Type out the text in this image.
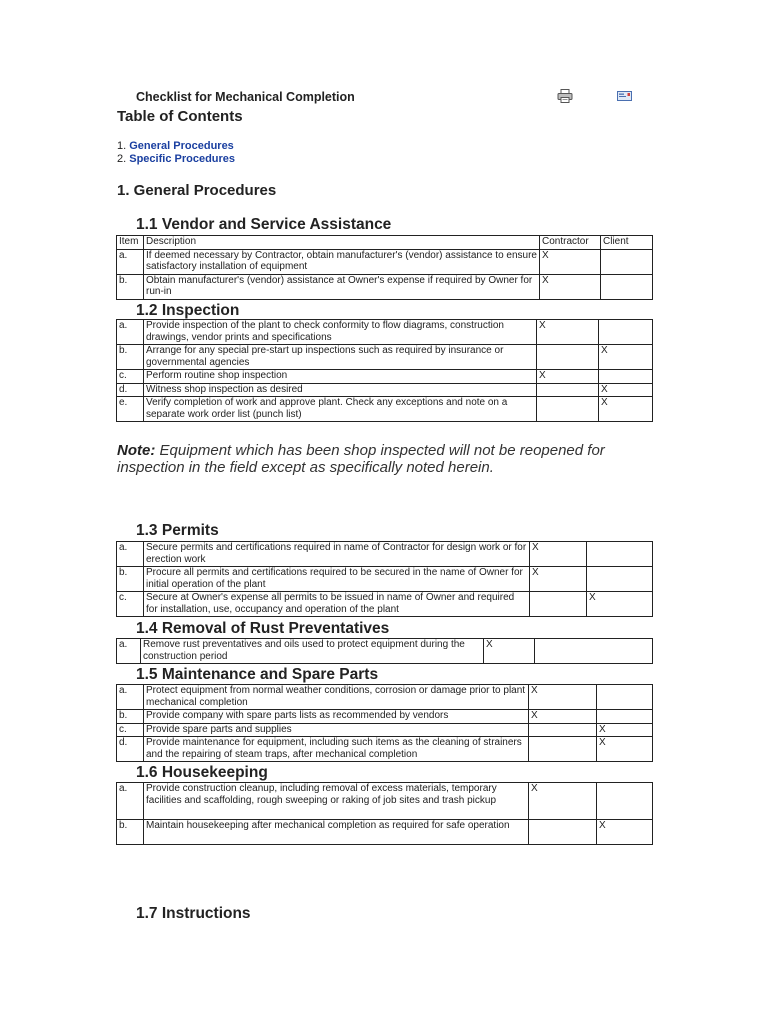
Checklist for Mechanical Completion
Table of Contents
1. General Procedures
2. Specific Procedures
1. General Procedures
1.1 Vendor and Service Assistance
Item	Description	Contractor	Client
a.	If deemed necessary by Contractor, obtain manufacturer's (vendor) assistance to ensure satisfactory installation of equipment	X	
b.	Obtain manufacturer's (vendor) assistance at Owner's expense if required by Owner for run-in	X	
1.2 Inspection
a.	Provide inspection of the plant to check conformity to flow diagrams, construction drawings, vendor prints and specifications	X	
b.	Arrange for any special pre-start up inspections such as required by insurance or governmental agencies		X
c.	Perform routine shop inspection	X	
d.	Witness shop inspection as desired		X
e.	Verify completion of work and approve plant. Check any exceptions and note on a separate work order list (punch list)		X
Note: Equipment which has been shop inspected will not be reopened for inspection in the field except as specifically noted herein.
1.3 Permits
a.	Secure permits and certifications required in name of Contractor for design work or for erection work	X	
b.	Procure all permits and certifications required to be secured in the name of Owner for initial operation of the plant	X	
c.	Secure at Owner's expense all permits to be issued in name of Owner and required for installation, use, occupancy and operation of the plant		X
1.4 Removal of Rust Preventatives
a.	Remove rust preventatives and oils used to protect equipment during the construction period	X	
1.5 Maintenance and Spare Parts
a.	Protect equipment from normal weather conditions, corrosion or damage prior to plant mechanical completion	X	
b.	Provide company with spare parts lists as recommended by vendors	X	
c.	Provide spare parts and supplies		X
d.	Provide maintenance for equipment, including such items as the cleaning of strainers and the repairing of steam traps, after mechanical completion		X
1.6 Housekeeping
a.	Provide construction cleanup, including removal of excess materials, temporary facilities and scaffolding, rough sweeping or raking of job sites and trash pickup	X	
b.	Maintain housekeeping after mechanical completion as required for safe operation		X
1.7 Instructions
